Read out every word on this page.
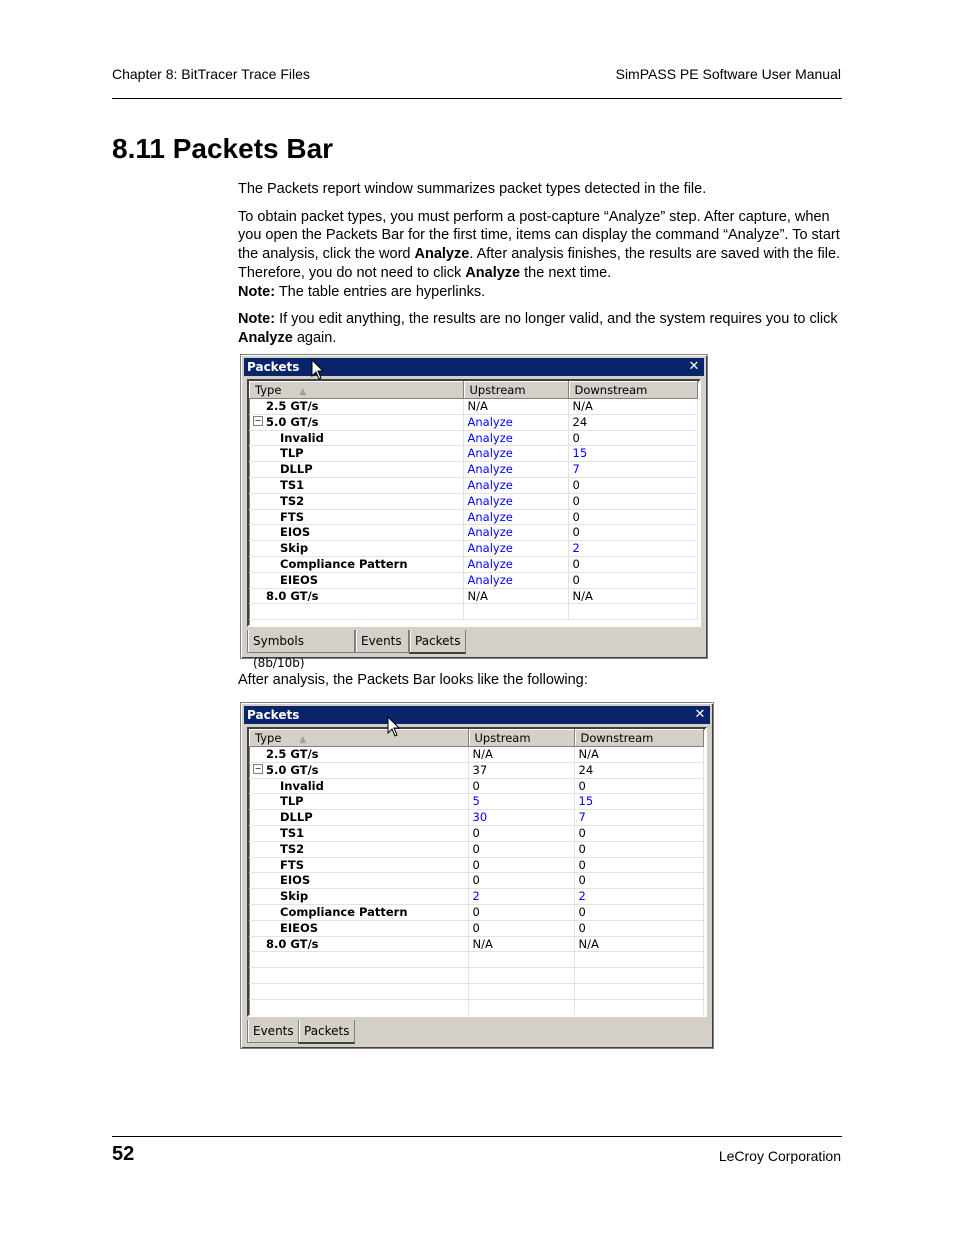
Chapter 8: BitTracer Trace Files	SimPASS PE Software User Manual
8.11 Packets Bar

The Packets report window summarizes packet types detected in the file.

To obtain packet types, you must perform a post-capture “Analyze” step. After capture, when you open the Packets Bar for the first time, items can display the command “Analyze”. To start the analysis, click the word Analyze. After analysis finishes, the results are saved with the file. Therefore, you do not need to click Analyze the next time.

Note: The table entries are hyperlinks.

Note: If you edit anything, the results are no longer valid, and the system requires you to click Analyze again.

Packets	✕
Type ▲	Upstream	Downstream
2.5 GT/s	N/A	N/A
− 5.0 GT/s	Analyze	24
Invalid	Analyze	0
TLP	Analyze	15
DLLP	Analyze	7
TS1	Analyze	0
TS2	Analyze	0
FTS	Analyze	0
EIOS	Analyze	0
Skip	Analyze	2
Compliance Pattern	Analyze	0
EIEOS	Analyze	0
8.0 GT/s	N/A	N/A

Symbols (8b/10b)
Events	Packets
After analysis, the Packets Bar looks like the following:
Packets	✕
Type ▲	Upstream	Downstream
2.5 GT/s	N/A	N/A
− 5.0 GT/s	37	24
Invalid	0	0
TLP	5	15
DLLP	30	7
TS1	0	0
TS2	0	0
FTS	0	0
EIOS	0	0
Skip	2	2
Compliance Pattern	0	0
EIEOS	0	0
8.0 GT/s	N/A	N/A

Events Packets
52	LeCroy Corporation
